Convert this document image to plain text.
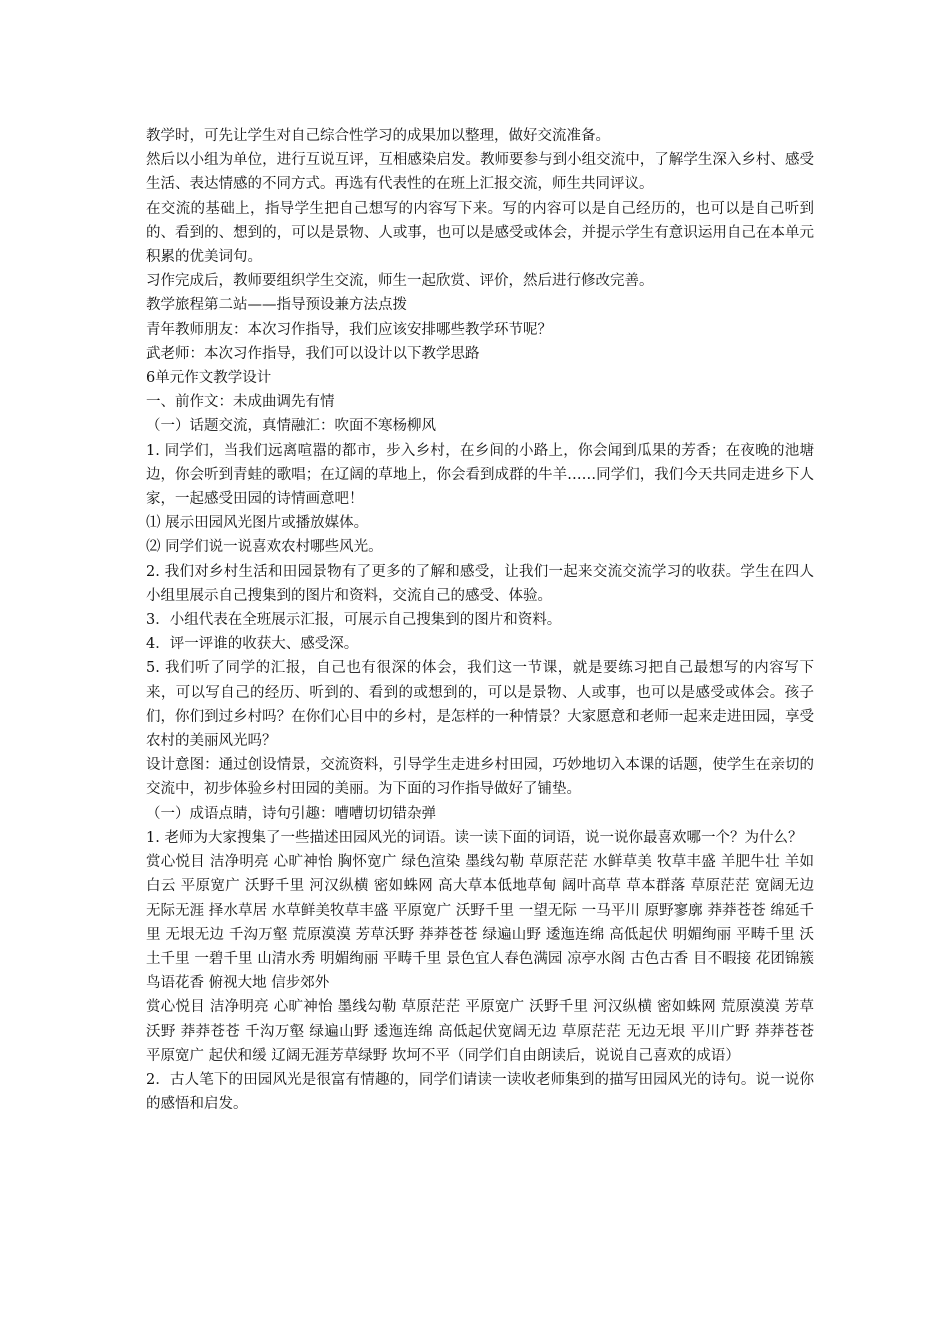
教学时，可先让学生对自己综合性学习的成果加以整理，做好交流准备。

然后以小组为单位，进行互说互评，互相感染启发。教师要参与到小组交流中，了解学生深入乡村、感受生活、表达情感的不同方式。再选有代表性的在班上汇报交流，师生共同评议。

在交流的基础上，指导学生把自己想写的内容写下来。写的内容可以是自己经历的，也可以是自己听到的、看到的、想到的，可以是景物、人或事，也可以是感受或体会，并提示学生有意识运用自己在本单元积累的优美词句。

习作完成后，教师要组织学生交流，师生一起欣赏、评价，然后进行修改完善。

教学旅程第二站——指导预设兼方法点拨

青年教师朋友：本次习作指导，我们应该安排哪些教学环节呢？

武老师：本次习作指导，我们可以设计以下教学思路

6单元作文教学设计

一、前作文：未成曲调先有情

（一）话题交流，真情融汇：吹面不寒杨柳风

1. 同学们，当我们远离喧嚣的都市，步入乡村，在乡间的小路上，你会闻到瓜果的芳香；在夜晚的池塘边，你会听到青蛙的歌唱；在辽阔的草地上，你会看到成群的牛羊……同学们，我们今天共同走进乡下人家，一起感受田园的诗情画意吧！

⑴ 展示田园风光图片或播放媒体。

⑵ 同学们说一说喜欢农村哪些风光。

2. 我们对乡村生活和田园景物有了更多的了解和感受，让我们一起来交流交流学习的收获。学生在四人小组里展示自己搜集到的图片和资料，交流自己的感受、体验。

3．小组代表在全班展示汇报，可展示自己搜集到的图片和资料。

4．评一评谁的收获大、感受深。

5. 我们听了同学的汇报，自己也有很深的体会，我们这一节课，就是要练习把自己最想写的内容写下来，可以写自己的经历、听到的、看到的或想到的，可以是景物、人或事，也可以是感受或体会。孩子们，你们到过乡村吗？在你们心目中的乡村，是怎样的一种情景？大家愿意和老师一起来走进田园，享受农村的美丽风光吗？

设计意图：通过创设情景，交流资料，引导学生走进乡村田园，巧妙地切入本课的话题，使学生在亲切的交流中，初步体验乡村田园的美丽。为下面的习作指导做好了铺垫。

（一）成语点睛，诗句引趣：嘈嘈切切错杂弹

1. 老师为大家搜集了一些描述田园风光的词语。读一读下面的词语，说一说你最喜欢哪一个？为什么？

赏心悦目 洁净明亮 心旷神怡 胸怀宽广 绿色渲染 墨线勾勒 草原茫茫 水鲜草美 牧草丰盛 羊肥牛壮 羊如白云 平原宽广 沃野千里 河汉纵横 密如蛛网 高大草本低地草甸 阔叶高草 草本群落 草原茫茫 宽阔无边 无际无涯 择水草居 水草鲜美牧草丰盛 平原宽广 沃野千里 一望无际 一马平川 原野寥廓 莽莽苍苍 绵延千里 无垠无边 千沟万壑 荒原漠漠 芳草沃野 莽莽苍苍 绿遍山野 逶迤连绵 高低起伏 明媚绚丽 平畴千里 沃土千里 一碧千里 山清水秀 明媚绚丽 平畴千里 景色宜人春色满园 凉亭水阁 古色古香 目不暇接 花团锦簇 鸟语花香 俯视大地 信步郊外

赏心悦目 洁净明亮 心旷神怡 墨线勾勒 草原茫茫 平原宽广 沃野千里 河汉纵横 密如蛛网 荒原漠漠 芳草沃野 莽莽苍苍 千沟万壑 绿遍山野 逶迤连绵 高低起伏宽阔无边 草原茫茫 无边无垠 平川广野 莽莽苍苍 平原宽广 起伏和缓 辽阔无涯芳草绿野 坎坷不平（同学们自由朗读后，说说自己喜欢的成语）

2．古人笔下的田园风光是很富有情趣的，同学们请读一读收老师集到的描写田园风光的诗句。说一说你的感悟和启发。
